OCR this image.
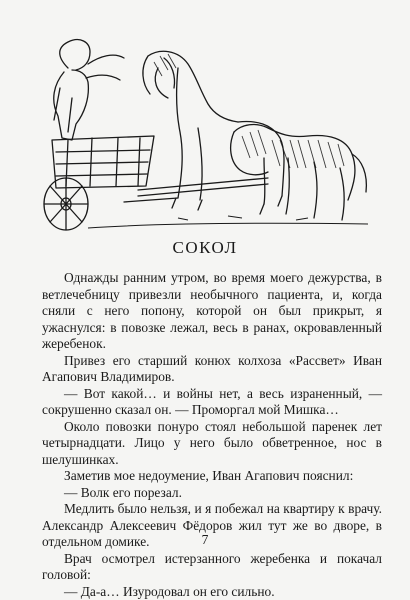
СОКОЛ

Однажды ранним утром, во время моего дежурства, в ветлечебницу привезли необычного пациента, и, когда сняли с него попону, которой он был прикрыт, я ужаснулся: в повозке лежал, весь в ранах, окровавленный жеребенок.

Привез его старший конюх колхоза «Рассвет» Иван Агапович Владимиров.

— Вот какой… и войны нет, а весь израненный, — сокрушенно сказал он. — Проморгал мой Мишка…

Около повозки понуро стоял небольшой паренек лет четырнадцати. Лицо у него было обветренное, нос в шелушинках.

Заметив мое недоумение, Иван Агапович пояснил:

— Волк его порезал.

Медлить было нельзя, и я побежал на квартиру к врачу. Александр Алексеевич Фёдоров жил тут же во дворе, в отдельном домике.

Врач осмотрел истерзанного жеребенка и покачал головой:

— Да-а… Изуродовал он его сильно.

7
